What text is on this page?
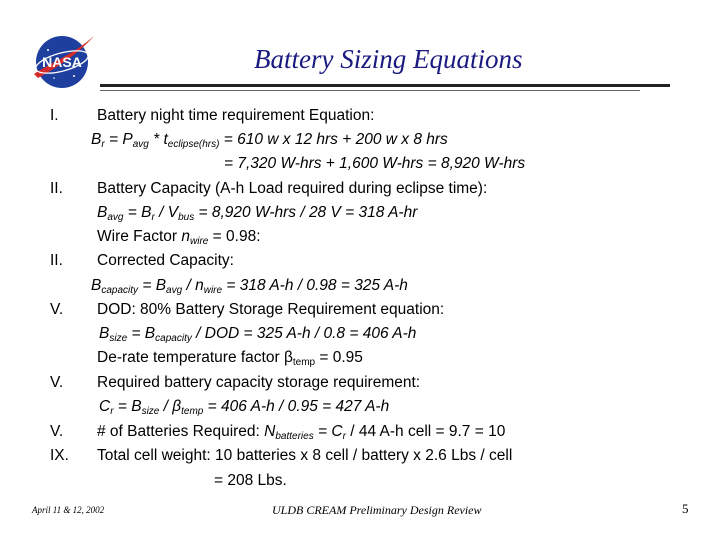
NASA	Battery Sizing Equations
I. Battery night time requirement Equation:
$B_r = P_{avg} * t_{eclipse(hrs)} = 610$ w x 12 hrs + 200 w x 8 hrs
= 7,320 W-hrs + 1,600 W-hrs = 8,920 W-hrs
II. Battery Capacity (A-h Load required during eclipse time):
$B_{avg} = B_r / V_{bus} = 8,920$ W-hrs / 28 V = 318 A-hr
Wire Factor $n_{wire} = 0.98$:
II. Corrected Capacity:
$B_{capacity} = B_{avg} / n_{wire} = 318$ A-h / 0.98 = 325 A-h
V. DOD: 80% Battery Storage Requirement equation:
$B_{size} = B_{capacity}$ / DOD = 325 A-h / 0.8 = 406 A-h
De-rate temperature factor $\beta_{temp} = 0.95$
V. Required battery capacity storage requirement:
$C_r = B_{size} / \beta_{temp} = 406$ A-h / 0.95 = 427 A-h
V. # of Batteries Required: $N_{batteries} = C_r / 44$ A-h cell = 9.7 = 10
IX. Total cell weight: 10 batteries x 8 cell / battery x 2.6 Lbs / cell
= 208 Lbs.
April 11 & 12, 2002	ULDB CREAM Preliminary Design Review	5
